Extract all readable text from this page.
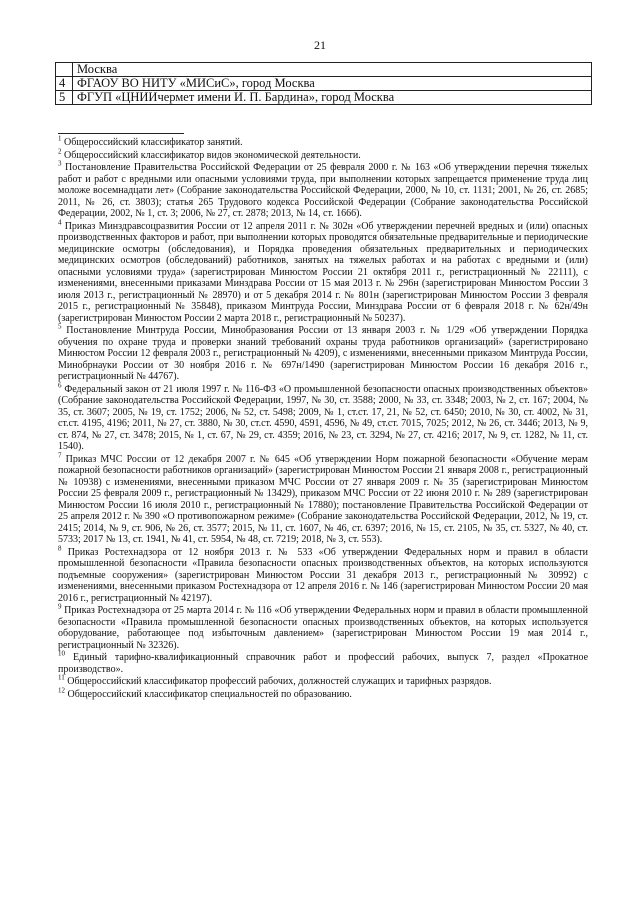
21
	Москва
4	ФГАОУ ВО НИТУ «МИСиС», город Москва
5	ФГУП «ЦНИИчермет имени И. П. Бардина», город Москва

$^1$ Общероссийский классификатор занятий.

$^2$ Общероссийский классификатор видов экономической деятельности.

$^3$ Постановление Правительства Российской Федерации от 25 февраля 2000 г. № 163 «Об утверждении перечня тяжелых работ и работ с вредными или опасными условиями труда, при выполнении которых запрещается применение труда лиц моложе восемнадцати лет» (Собрание законодательства Российской Федерации, 2000, № 10, ст. 1131; 2001, № 26, ст. 2685; 2011, № 26, ст. 3803); статья 265 Трудового кодекса Российской Федерации (Собрание законодательства Российской Федерации, 2002, № 1, ст. 3; 2006, № 27, ст. 2878; 2013, № 14, ст. 1666).

$^4$ Приказ Минздравсоцразвития России от 12 апреля 2011 г. № 302н «Об утверждении перечней вредных и (или) опасных производственных факторов и работ, при выполнении которых проводятся обязательные предварительные и периодические медицинские осмотры (обследования), и Порядка проведения обязательных предварительных и периодических медицинских осмотров (обследований) работников, занятых на тяжелых работах и на работах с вредными и (или) опасными условиями труда» (зарегистрирован Минюстом России 21 октября 2011 г., регистрационный № 22111), с изменениями, внесенными приказами Минздрава России от 15 мая 2013 г. № 296н (зарегистрирован Минюстом России 3 июля 2013 г., регистрационный № 28970) и от 5 декабря 2014 г. № 801н (зарегистрирован Минюстом России 3 февраля 2015 г., регистрационный № 35848), приказом Минтруда России, Минздрава России от 6 февраля 2018 г. № 62н/49н (зарегистрирован Минюстом России 2 марта 2018 г., регистрационный № 50237).

$^5$ Постановление Минтруда России, Минобразования России от 13 января 2003 г. № 1/29 «Об утверждении Порядка обучения по охране труда и проверки знаний требований охраны труда работников организаций» (зарегистрировано Минюстом России 12 февраля 2003 г., регистрационный № 4209), с изменениями, внесенными приказом Минтруда России, Минобрнауки России от 30 ноября 2016 г. № 697н/1490 (зарегистрирован Минюстом России 16 декабря 2016 г., регистрационный № 44767).

$^6$ Федеральный закон от 21 июля 1997 г. № 116-ФЗ «О промышленной безопасности опасных производственных объектов» (Собрание законодательства Российской Федерации, 1997, № 30, ст. 3588; 2000, № 33, ст. 3348; 2003, № 2, ст. 167; 2004, № 35, ст. 3607; 2005, № 19, ст. 1752; 2006, № 52, ст. 5498; 2009, № 1, ст.ст. 17, 21, № 52, ст. 6450; 2010, № 30, ст. 4002, № 31, ст.ст. 4195, 4196; 2011, № 27, ст. 3880, № 30, ст.ст. 4590, 4591, 4596, № 49, ст.ст. 7015, 7025; 2012, № 26, ст. 3446; 2013, № 9, ст. 874, № 27, ст. 3478; 2015, № 1, ст. 67, № 29, ст. 4359; 2016, № 23, ст. 3294, № 27, ст. 4216; 2017, № 9, ст. 1282, № 11, ст. 1540).

$^7$ Приказ МЧС России от 12 декабря 2007 г. № 645 «Об утверждении Норм пожарной безопасности «Обучение мерам пожарной безопасности работников организаций» (зарегистрирован Минюстом России 21 января 2008 г., регистрационный № 10938) с изменениями, внесенными приказом МЧС России от 27 января 2009 г. № 35 (зарегистрирован Минюстом России 25 февраля 2009 г., регистрационный № 13429), приказом МЧС России от 22 июня 2010 г. № 289 (зарегистрирован Минюстом России 16 июля 2010 г., регистрационный № 17880); постановление Правительства Российской Федерации от 25 апреля 2012 г. № 390 «О противопожарном режиме» (Собрание законодательства Российской Федерации, 2012, № 19, ст. 2415; 2014, № 9, ст. 906, № 26, ст. 3577; 2015, № 11, ст. 1607, № 46, ст. 6397; 2016, № 15, ст. 2105, № 35, ст. 5327, № 40, ст. 5733; 2017 № 13, ст. 1941, № 41, ст. 5954, № 48, ст. 7219; 2018, № 3, ст. 553).

$^8$ Приказ Ростехнадзора от 12 ноября 2013 г. № 533 «Об утверждении Федеральных норм и правил в области промышленной безопасности «Правила безопасности опасных производственных объектов, на которых используются подъемные сооружения» (зарегистрирован Минюстом России 31 декабря 2013 г., регистрационный № 30992) с изменениями, внесенными приказом Ростехнадзора от 12 апреля 2016 г. № 146 (зарегистрирован Минюстом России 20 мая 2016 г., регистрационный № 42197).

$^9$ Приказ Ростехнадзора от 25 марта 2014 г. № 116 «Об утверждении Федеральных норм и правил в области промышленной безопасности «Правила промышленной безопасности опасных производственных объектов, на которых используется оборудование, работающее под избыточным давлением» (зарегистрирован Минюстом России 19 мая 2014 г., регистрационный № 32326).

$^{10}$ Единый тарифно-квалификационный справочник работ и профессий рабочих, выпуск 7, раздел «Прокатное производство».

$^{11}$ Общероссийский классификатор профессий рабочих, должностей служащих и тарифных разрядов.

$^{12}$ Общероссийский классификатор специальностей по образованию.
